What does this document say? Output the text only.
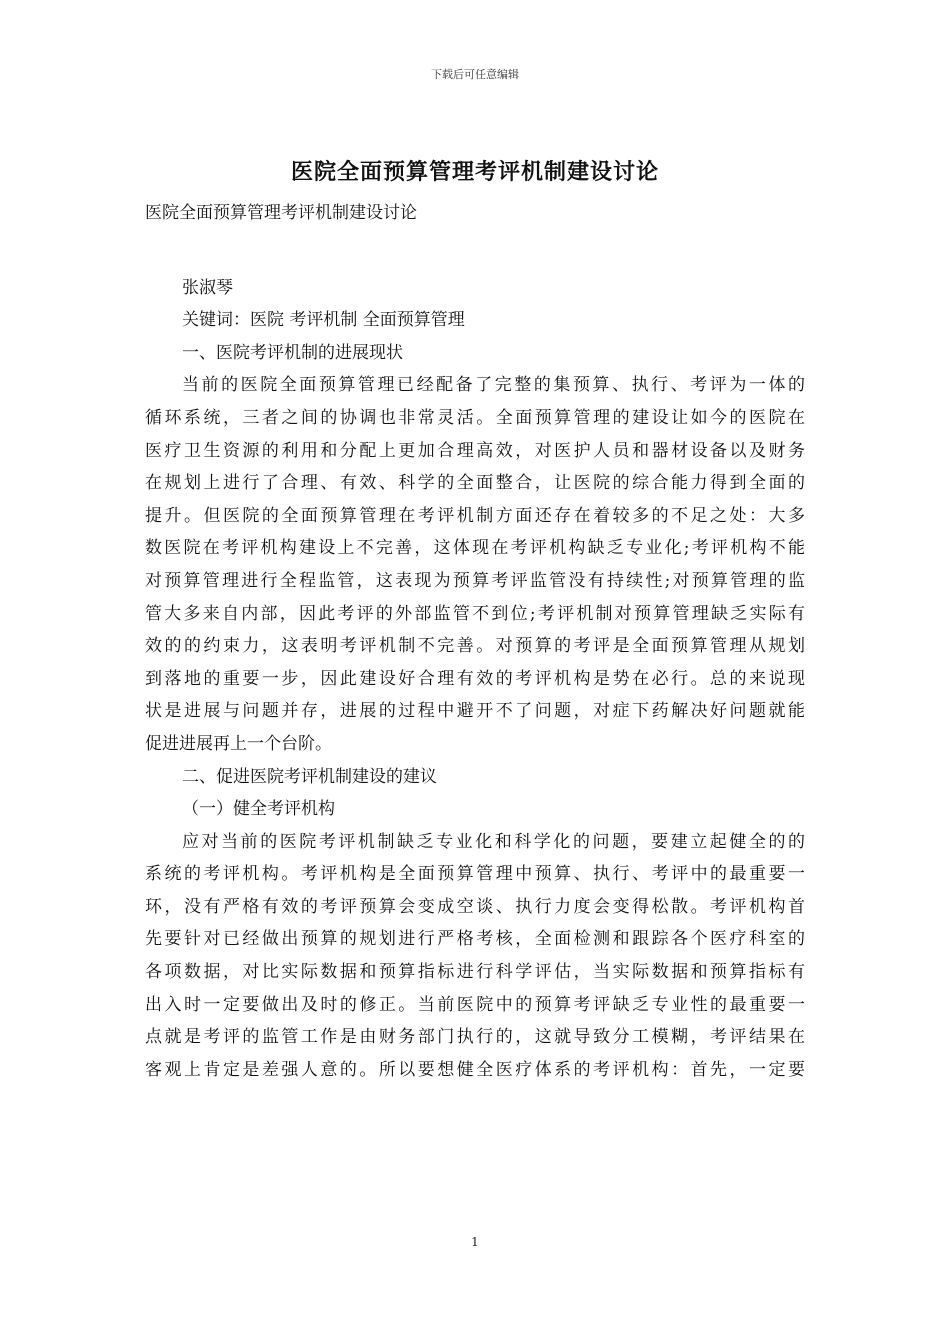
下载后可任意编辑
医院全面预算管理考评机制建设讨论
医院全面预算管理考评机制建设讨论
张淑琴
关键词：医院 考评机制 全面预算管理
一、医院考评机制的进展现状
当前的医院全面预算管理已经配备了完整的集预算、执行、考评为一体的
循环系统，三者之间的协调也非常灵活。全面预算管理的建设让如今的医院在
医疗卫生资源的利用和分配上更加合理高效，对医护人员和器材设备以及财务
在规划上进行了合理、有效、科学的全面整合，让医院的综合能力得到全面的
提升。但医院的全面预算管理在考评机制方面还存在着较多的不足之处：大多
数医院在考评机构建设上不完善，这体现在考评机构缺乏专业化;考评机构不能
对预算管理进行全程监管，这表现为预算考评监管没有持续性;对预算管理的监
管大多来自内部，因此考评的外部监管不到位;考评机制对预算管理缺乏实际有
效的的约束力，这表明考评机制不完善。对预算的考评是全面预算管理从规划
到落地的重要一步，因此建设好合理有效的考评机构是势在必行。总的来说现
状是进展与问题并存，进展的过程中避开不了问题，对症下药解决好问题就能
促进进展再上一个台阶。
二、促进医院考评机制建设的建议
（一）健全考评机构
应对当前的医院考评机制缺乏专业化和科学化的问题，要建立起健全的的
系统的考评机构。考评机构是全面预算管理中预算、执行、考评中的最重要一
环，没有严格有效的考评预算会变成空谈、执行力度会变得松散。考评机构首
先要针对已经做出预算的规划进行严格考核，全面检测和跟踪各个医疗科室的
各项数据，对比实际数据和预算指标进行科学评估，当实际数据和预算指标有
出入时一定要做出及时的修正。当前医院中的预算考评缺乏专业性的最重要一
点就是考评的监管工作是由财务部门执行的，这就导致分工模糊，考评结果在
客观上肯定是差强人意的。所以要想健全医疗体系的考评机构：首先，一定要
1
